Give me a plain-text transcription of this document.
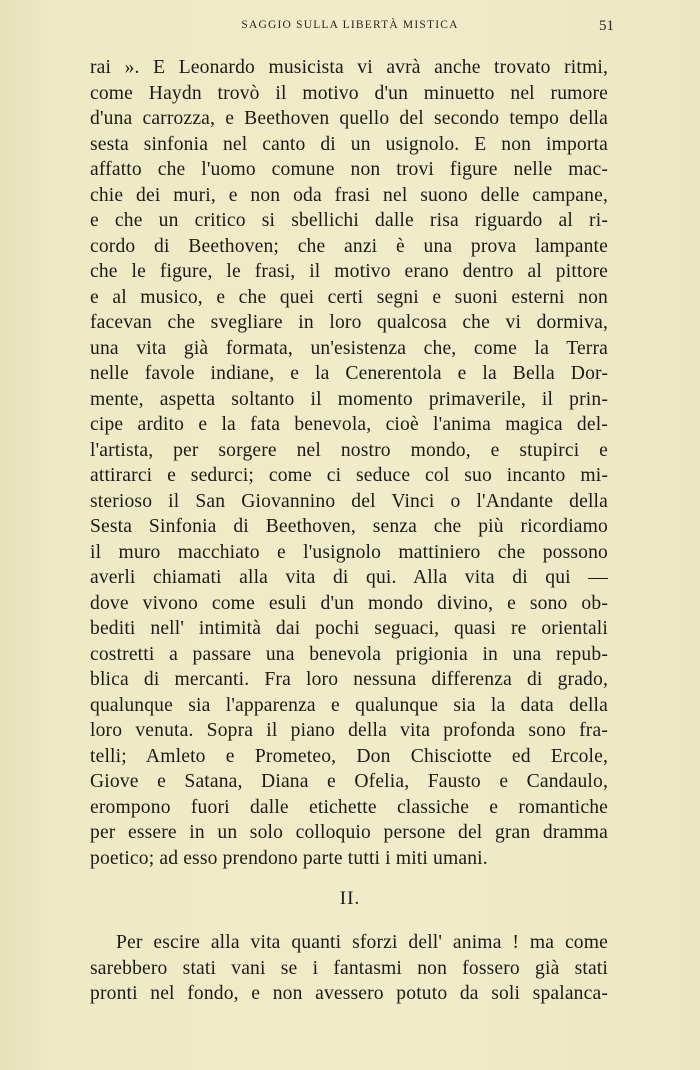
SAGGIO SULLA LIBERTÀ MISTICA	51
rai ». E Leonardo musicista vi avrà anche trovato ritmi,
come Haydn trovò il motivo d'un minuetto nel rumore
d'una carrozza, e Beethoven quello del secondo tempo della
sesta sinfonia nel canto di un usignolo. E non importa
affatto che l'uomo comune non trovi figure nelle mac-
chie dei muri, e non oda frasi nel suono delle campane,
e che un critico si sbellichi dalle risa riguardo al ri-
cordo di Beethoven; che anzi è una prova lampante
che le figure, le frasi, il motivo erano dentro al pittore
e al musico, e che quei certi segni e suoni esterni non
facevan che svegliare in loro qualcosa che vi dormiva,
una vita già formata, un'esistenza che, come la Terra
nelle favole indiane, e la Cenerentola e la Bella Dor-
mente, aspetta soltanto il momento primaverile, il prin-
cipe ardito e la fata benevola, cioè l'anima magica del-
l'artista, per sorgere nel nostro mondo, e stupirci e
attirarci e sedurci; come ci seduce col suo incanto mi-
sterioso il San Giovannino del Vinci o l'Andante della
Sesta Sinfonia di Beethoven, senza che più ricordiamo
il muro macchiato e l'usignolo mattiniero che possono
averli chiamati alla vita di qui. Alla vita di qui —
dove vivono come esuli d'un mondo divino, e sono ob-
bediti nell' intimità dai pochi seguaci, quasi re orientali
costretti a passare una benevola prigionia in una repub-
blica di mercanti. Fra loro nessuna differenza di grado,
qualunque sia l'apparenza e qualunque sia la data della
loro venuta. Sopra il piano della vita profonda sono fra-
telli; Amleto e Prometeo, Don Chisciotte ed Ercole,
Giove e Satana, Diana e Ofelia, Fausto e Candaulo,
erompono fuori dalle etichette classiche e romantiche
per essere in un solo colloquio persone del gran dramma
poetico; ad esso prendono parte tutti i miti umani.
II.
Per escire alla vita quanti sforzi dell' anima ! ma come
sarebbero stati vani se i fantasmi non fossero già stati
pronti nel fondo, e non avessero potuto da soli spalanca-
